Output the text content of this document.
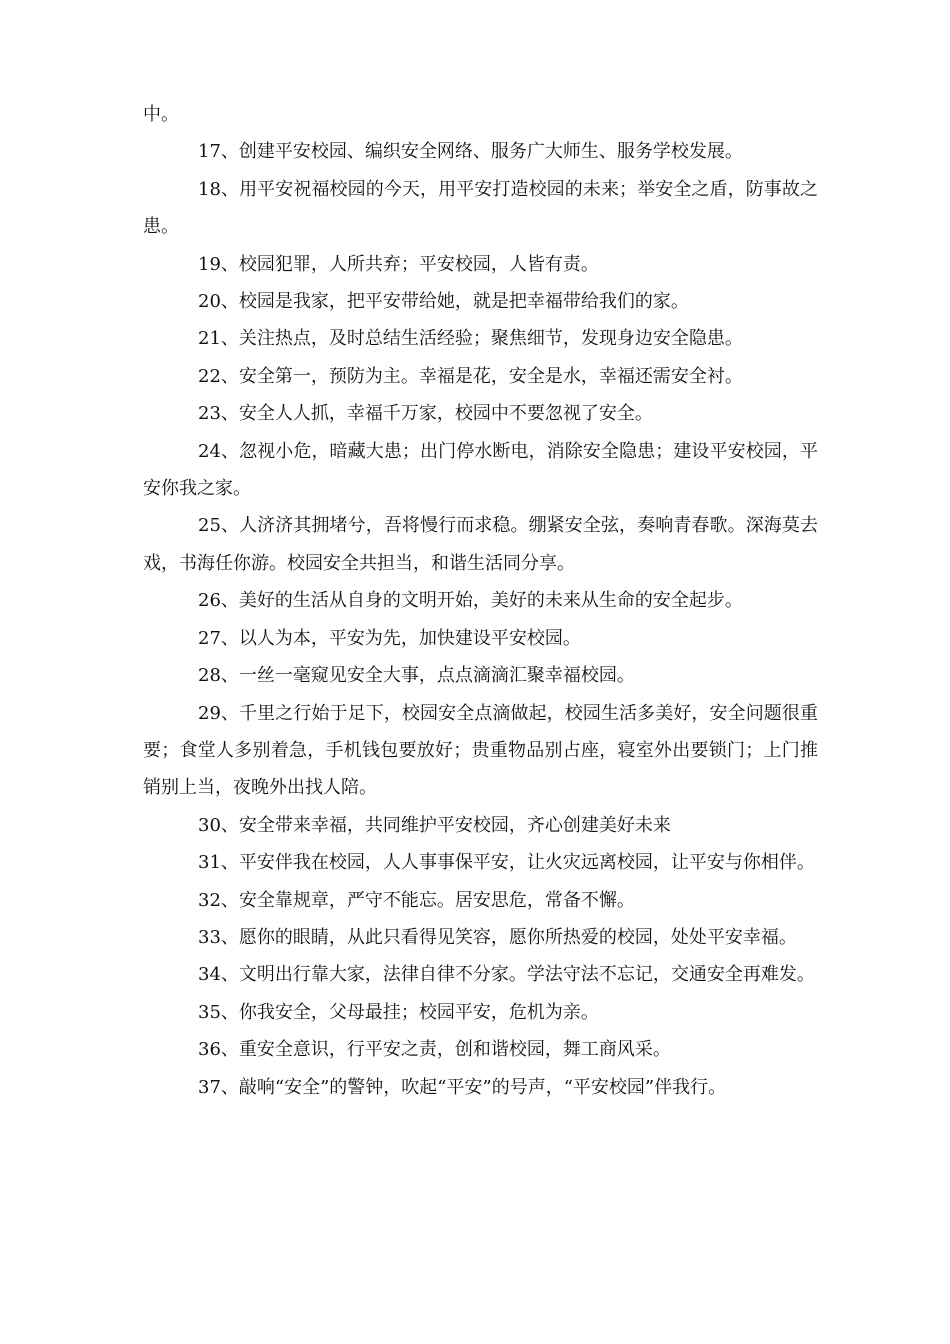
中。

17、创建平安校园、编织安全网络、服务广大师生、服务学校发展。

18、用平安祝福校园的今天，用平安打造校园的未来；举安全之盾，防事故之患。

19、校园犯罪，人所共弃；平安校园，人皆有责。

20、校园是我家，把平安带给她，就是把幸福带给我们的家。

21、关注热点，及时总结生活经验；聚焦细节，发现身边安全隐患。

22、安全第一，预防为主。幸福是花，安全是水，幸福还需安全衬。

23、安全人人抓，幸福千万家，校园中不要忽视了安全。

24、忽视小危，暗藏大患；出门停水断电，消除安全隐患；建设平安校园，平安你我之家。

25、人济济其拥堵兮，吾将慢行而求稳。绷紧安全弦，奏响青春歌。深海莫去戏，书海任你游。校园安全共担当，和谐生活同分享。

26、美好的生活从自身的文明开始，美好的未来从生命的安全起步。

27、以人为本，平安为先，加快建设平安校园。

28、一丝一毫窥见安全大事，点点滴滴汇聚幸福校园。

29、千里之行始于足下，校园安全点滴做起，校园生活多美好，安全问题很重要；食堂人多别着急，手机钱包要放好；贵重物品别占座，寝室外出要锁门；上门推销别上当，夜晚外出找人陪。

30、安全带来幸福，共同维护平安校园，齐心创建美好未来

31、平安伴我在校园，人人事事保平安，让火灾远离校园，让平安与你相伴。

32、安全靠规章，严守不能忘。居安思危，常备不懈。

33、愿你的眼睛，从此只看得见笑容，愿你所热爱的校园，处处平安幸福。

34、文明出行靠大家，法律自律不分家。学法守法不忘记，交通安全再难发。

35、你我安全，父母最挂；校园平安，危机为亲。

36、重安全意识，行平安之责，创和谐校园，舞工商风采。

37、敲响“安全”的警钟，吹起“平安”的号声，“平安校园”伴我行。
